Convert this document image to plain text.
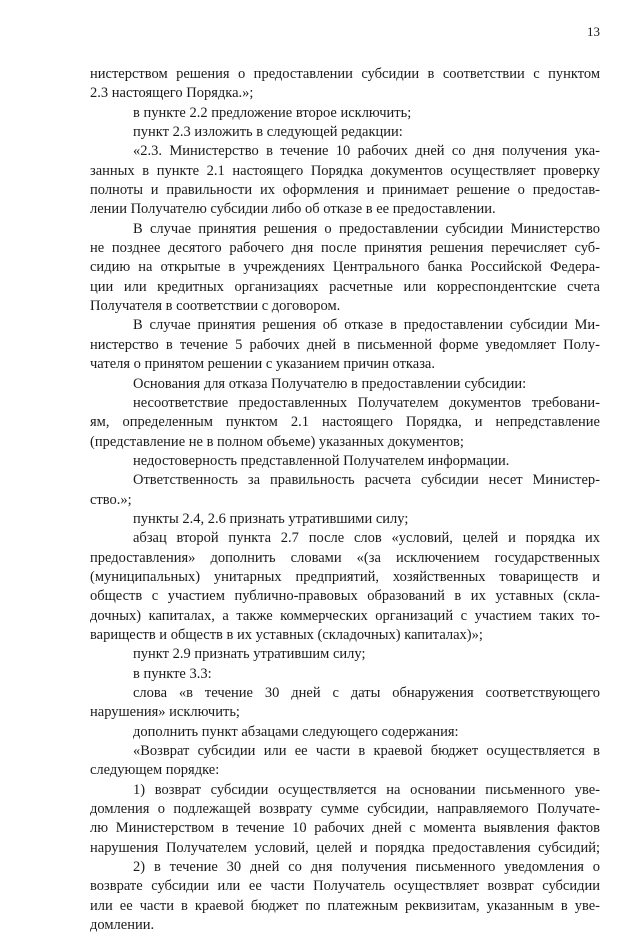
13
нистерством решения о предоставлении субсидии в соответствии с пунктом
2.3 настоящего Порядка.»;
в пункте 2.2 предложение второе исключить;
пункт 2.3 изложить в следующей редакции:
«2.3. Министерство в течение 10 рабочих дней со дня получения ука-
занных в пункте 2.1 настоящего Порядка документов осуществляет проверку
полноты и правильности их оформления и принимает решение о предостав-
лении Получателю субсидии либо об отказе в ее предоставлении.
В случае принятия решения о предоставлении субсидии Министерство
не позднее десятого рабочего дня после принятия решения перечисляет суб-
сидию на открытые в учреждениях Центрального банка Российской Федера-
ции или кредитных организациях расчетные или корреспондентские счета
Получателя в соответствии с договором.
В случае принятия решения об отказе в предоставлении субсидии Ми-
нистерство в течение 5 рабочих дней в письменной форме уведомляет Полу-
чателя о принятом решении с указанием причин отказа.
Основания для отказа Получателю в предоставлении субсидии:
несоответствие предоставленных Получателем документов требовани-
ям, определенным пунктом 2.1 настоящего Порядка, и непредставление
(представление не в полном объеме) указанных документов;
недостоверность представленной Получателем информации.
Ответственность за правильность расчета субсидии несет Министер-
ство.»;
пункты 2.4, 2.6 признать утратившими силу;
абзац второй пункта 2.7 после слов «условий, целей и порядка их
предоставления» дополнить словами «(за исключением государственных
(муниципальных) унитарных предприятий, хозяйственных товариществ и
обществ с участием публично-правовых образований в их уставных (скла-
дочных) капиталах, а также коммерческих организаций с участием таких то-
вариществ и обществ в их уставных (складочных) капиталах)»;
пункт 2.9 признать утратившим силу;
в пункте 3.3:
слова «в течение 30 дней с даты обнаружения соответствующего
нарушения» исключить;
дополнить пункт абзацами следующего содержания:
«Возврат субсидии или ее части в краевой бюджет осуществляется в
следующем порядке:
1) возврат субсидии осуществляется на основании письменного уве-
домления о подлежащей возврату сумме субсидии, направляемого Получате-
лю Министерством в течение 10 рабочих дней с момента выявления фактов
нарушения Получателем условий, целей и порядка предоставления субсидий;
2) в течение 30 дней со дня получения письменного уведомления о
возврате субсидии или ее части Получатель осуществляет возврат субсидии
или ее части в краевой бюджет по платежным реквизитам, указанным в уве-
домлении.
